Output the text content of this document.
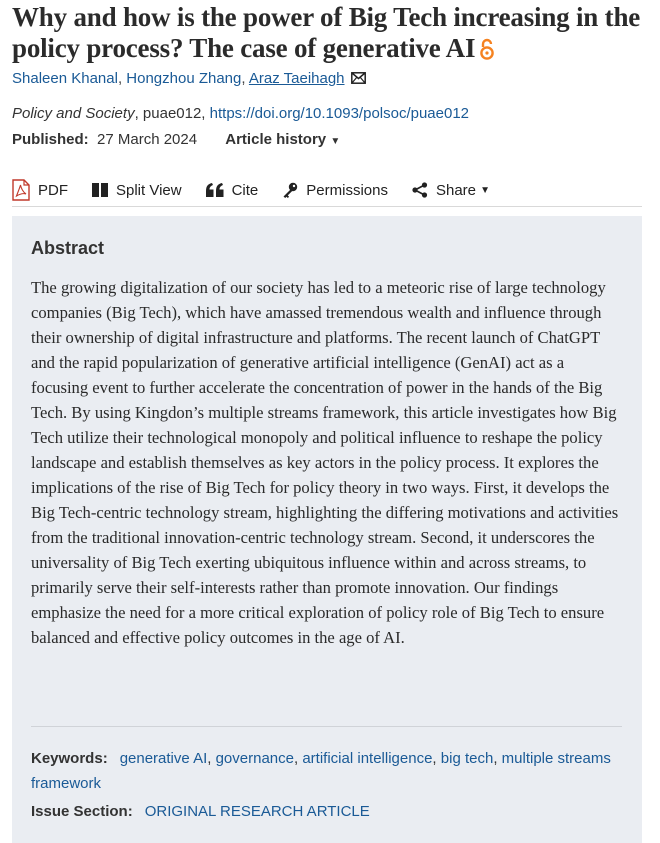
Why and how is the power of Big Tech increasing in the policy process? The case of generative AI
Shaleen Khanal, Hongzhou Zhang, Araz Taeihagh
Policy and Society, puae012, https://doi.org/10.1093/polsoc/puae012
Published: 27 March 2024 Article history ▼
PDF	Split View	Cite	Permissions	Share
▼
Abstract

The growing digitalization of our society has led to a meteoric rise of large technology companies (Big Tech), which have amassed tremendous wealth and influence through their ownership of digital infrastructure and platforms. The recent launch of ChatGPT and the rapid popularization of generative artificial intelligence (GenAI) act as a focusing event to further accelerate the concentration of power in the hands of the Big Tech. By using Kingdon’s multiple streams framework, this article investigates how Big Tech utilize their technological monopoly and political influence to reshape the policy landscape and establish themselves as key actors in the policy process. It explores the implications of the rise of Big Tech for policy theory in two ways. First, it develops the Big Tech-centric technology stream, highlighting the differing motivations and activities from the traditional innovation-centric technology stream. Second, it underscores the universality of Big Tech exerting ubiquitous influence within and across streams, to primarily serve their self-interests rather than promote innovation. Our findings emphasize the need for a more critical exploration of policy role of Big Tech to ensure balanced and effective policy outcomes in the age of AI.

Keywords: generative AI, governance, artificial intelligence, big tech, multiple streams framework
Issue Section: ORIGINAL RESEARCH ARTICLE
